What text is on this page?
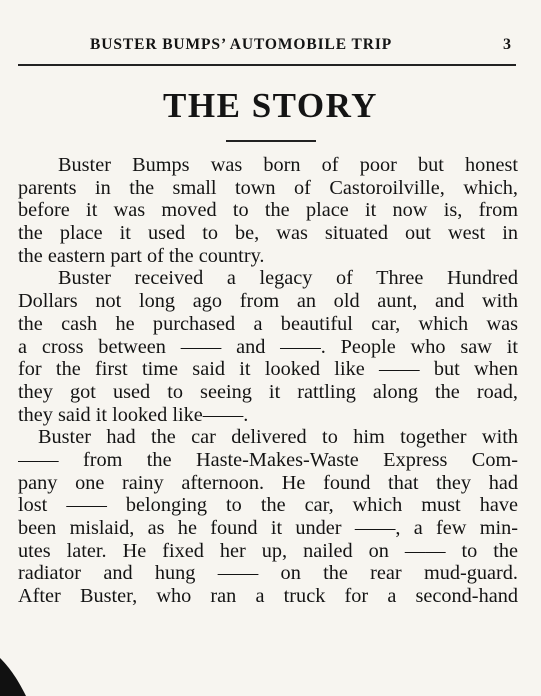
BUSTER BUMPS’ AUTOMOBILE TRIP	3
THE STORY
Buster Bumps was born of poor but honest
parents in the small town of Castoroilville, which,
before it was moved to the place it now is, from
the place it used to be, was situated out west in
the eastern part of the country.
Buster received a legacy of Three Hundred
Dollars not long ago from an old aunt, and with
the cash he purchased a beautiful car, which was
a cross between —— and ——. People who saw it
for the first time said it looked like —— but when
they got used to seeing it rattling along the road,
they said it looked like——.
Buster had the car delivered to him together with
—— from the Haste-Makes-Waste Express Com-
pany one rainy afternoon. He found that they had
lost —— belonging to the car, which must have
been mislaid, as he found it under ——, a few min-
utes later. He fixed her up, nailed on —— to the
radiator and hung —— on the rear mud-guard.
After Buster, who ran a truck for a second-hand
